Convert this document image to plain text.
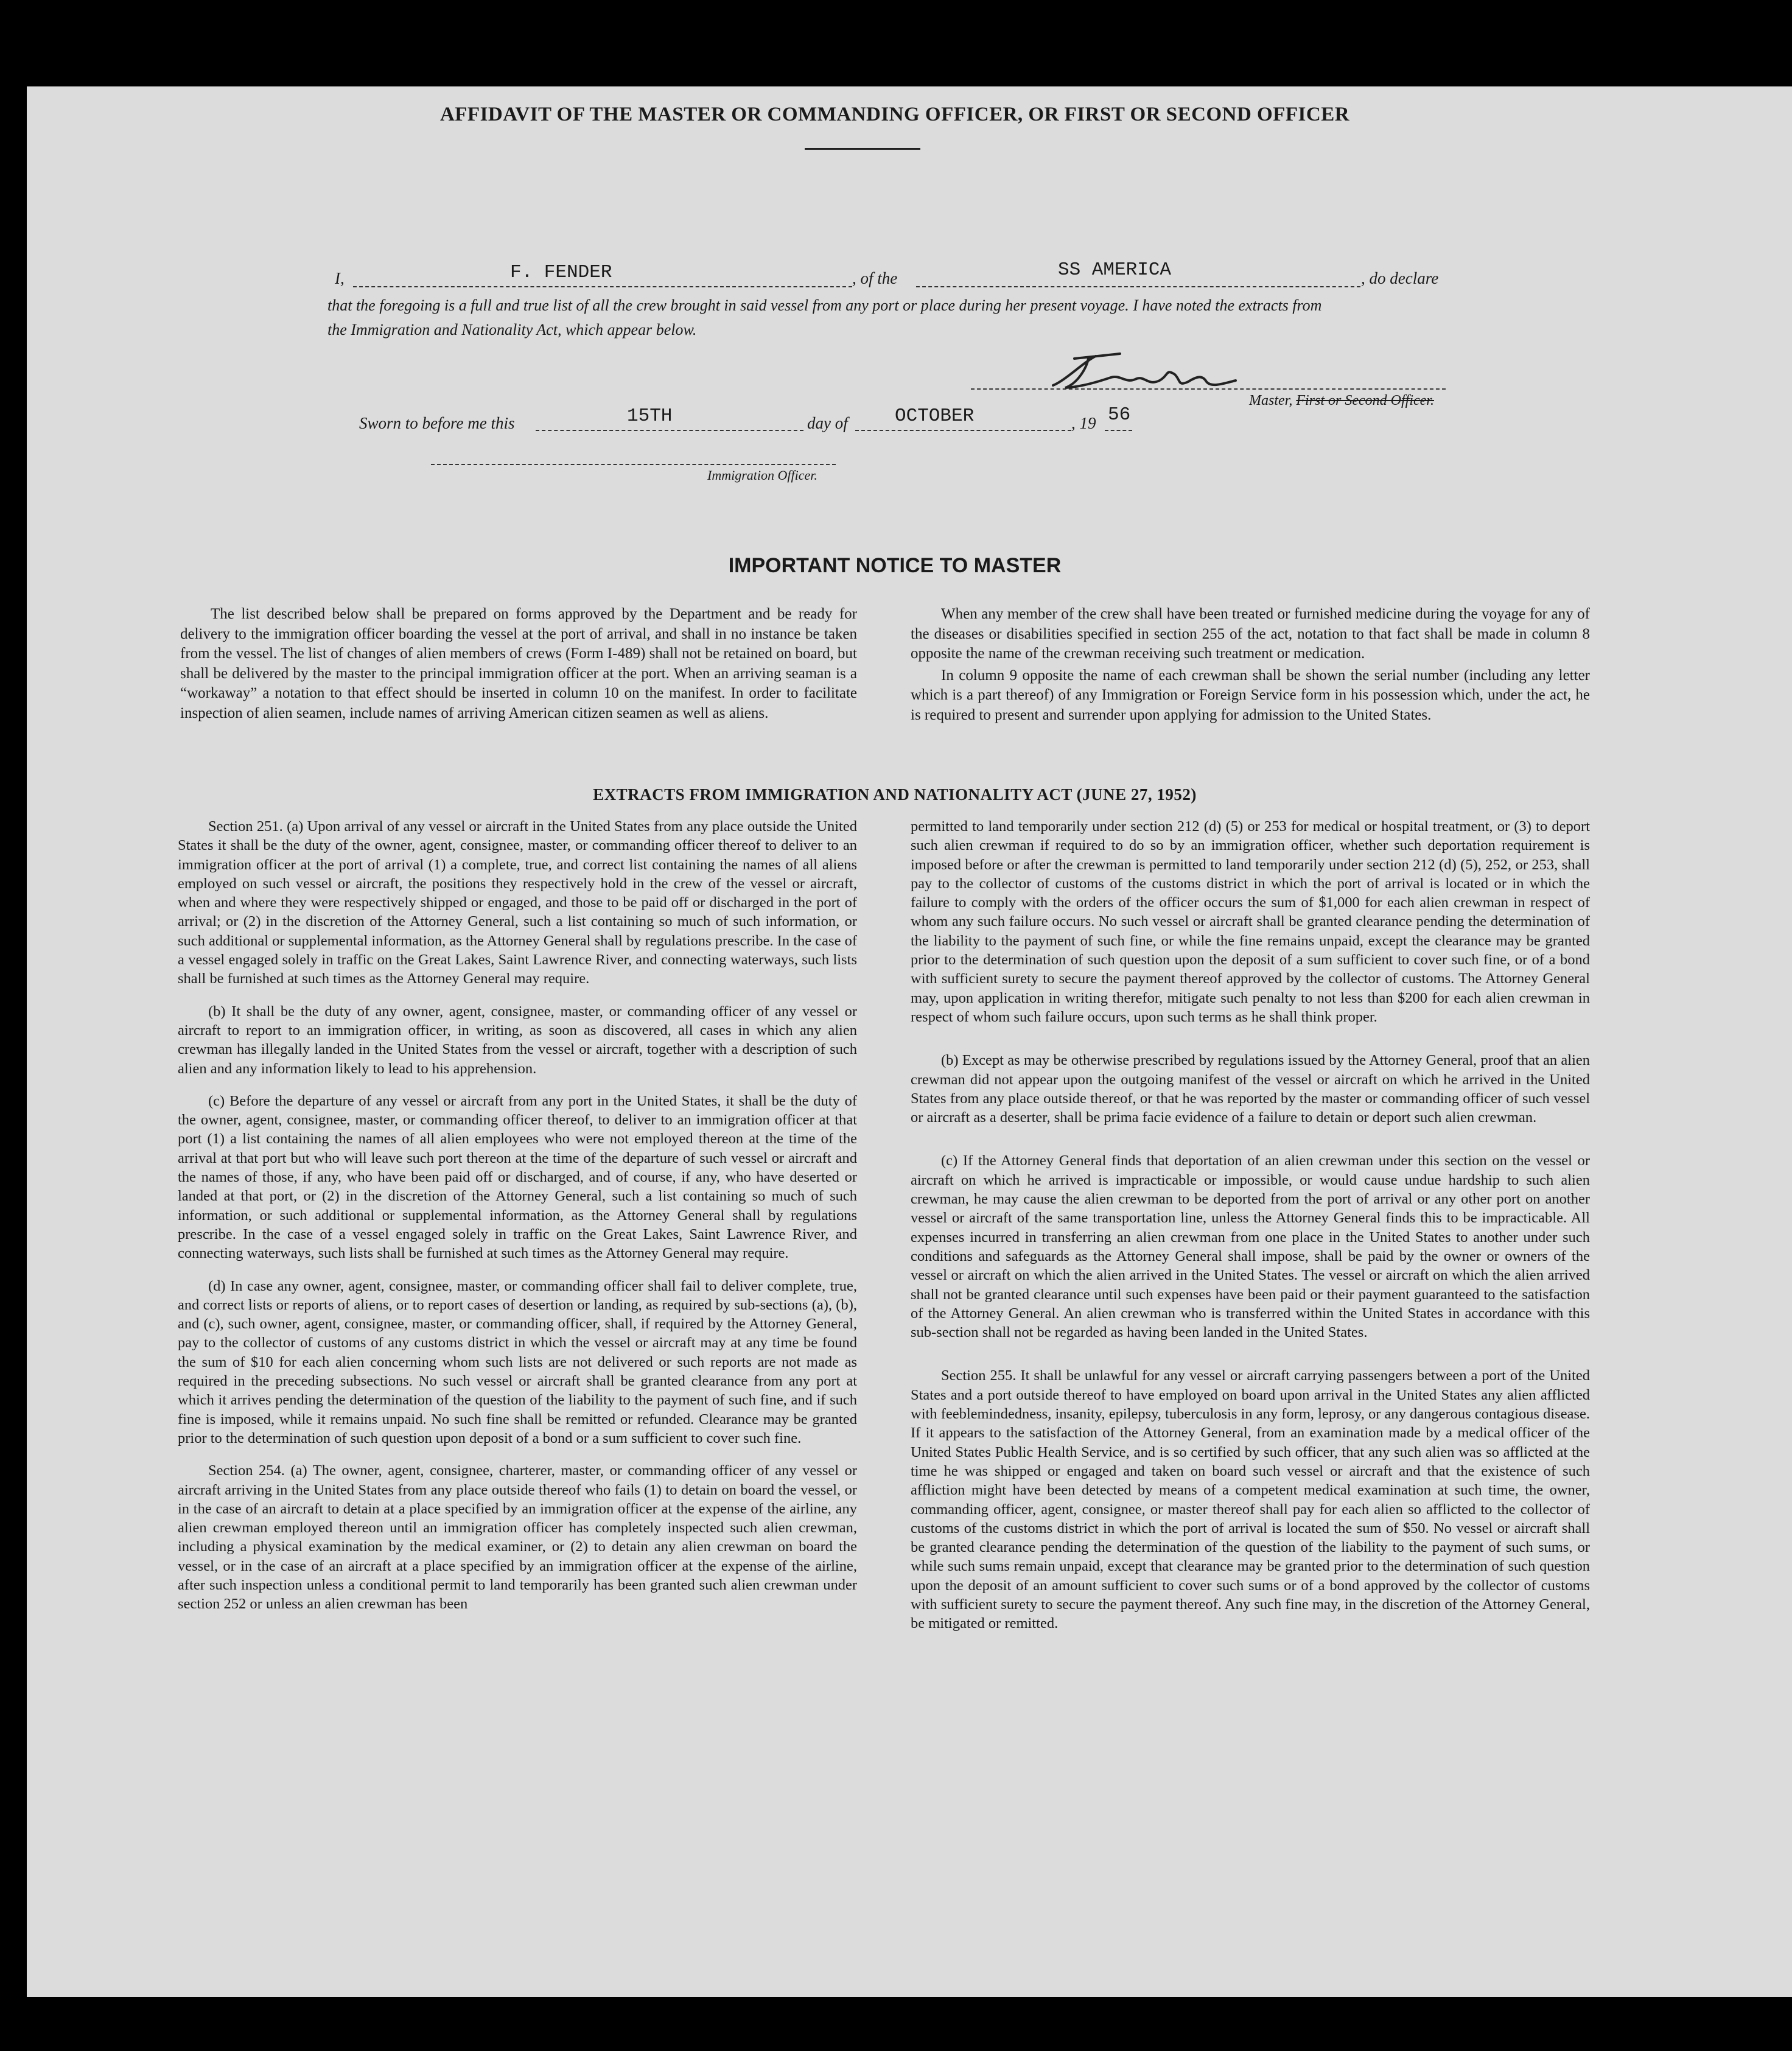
AFFIDAVIT OF THE MASTER OR COMMANDING OFFICER, OR FIRST OR SECOND OFFICER
I,	F. FENDER	, of the	SS AMERICA	, do declare
that the foregoing is a full and true list of all the crew brought in said vessel from any port or place during her present voyage. I have noted the extracts from
the Immigration and Nationality Act, which appear below.
Master, First or Second Officer.
Sworn to before me this	15TH	day of OCTOBER	, 19 56
Immigration Officer.
IMPORTANT NOTICE TO MASTER

The list described below shall be prepared on forms approved by the Department and be ready for delivery to the immigration officer boarding the vessel at the port of arrival, and shall in no instance be taken from the vessel. The list of changes of alien members of crews (Form I-489) shall not be retained on board, but shall be delivered by the master to the principal immigration officer at the port. When an arriving seaman is a “workaway” a notation to that effect should be inserted in column 10 on the manifest. In order to facilitate inspection of alien seamen, include names of arriving American citizen seamen as well as aliens.

When any member of the crew shall have been treated or furnished medicine during the voyage for any of the diseases or disabilities specified in section 255 of the act, notation to that fact shall be made in column 8 opposite the name of the crewman receiving such treatment or medication.

In column 9 opposite the name of each crewman shall be shown the serial number (including any letter which is a part thereof) of any Immigration or Foreign Service form in his possession which, under the act, he is required to present and surrender upon applying for admission to the United States.

EXTRACTS FROM IMMIGRATION AND NATIONALITY ACT (JUNE 27, 1952)

Section 251. (a) Upon arrival of any vessel or aircraft in the United States from any place outside the United States it shall be the duty of the owner, agent, consignee, master, or commanding officer thereof to deliver to an immigration officer at the port of arrival (1) a complete, true, and correct list containing the names of all aliens employed on such vessel or aircraft, the positions they respectively hold in the crew of the vessel or aircraft, when and where they were respectively shipped or engaged, and those to be paid off or discharged in the port of arrival; or (2) in the discretion of the Attorney General, such a list containing so much of such information, or such additional or supplemental information, as the Attorney General shall by regulations prescribe. In the case of a vessel engaged solely in traffic on the Great Lakes, Saint Lawrence River, and connecting waterways, such lists shall be furnished at such times as the Attorney General may require.

(b) It shall be the duty of any owner, agent, consignee, master, or commanding officer of any vessel or aircraft to report to an immigration officer, in writing, as soon as discovered, all cases in which any alien crewman has illegally landed in the United States from the vessel or aircraft, together with a description of such alien and any information likely to lead to his apprehension.

(c) Before the departure of any vessel or aircraft from any port in the United States, it shall be the duty of the owner, agent, consignee, master, or commanding officer thereof, to deliver to an immigration officer at that port (1) a list containing the names of all alien employees who were not employed thereon at the time of the arrival at that port but who will leave such port thereon at the time of the departure of such vessel or aircraft and the names of those, if any, who have been paid off or discharged, and of course, if any, who have deserted or landed at that port, or (2) in the discretion of the Attorney General, such a list containing so much of such information, or such additional or supplemental information, as the Attorney General shall by regulations prescribe. In the case of a vessel engaged solely in traffic on the Great Lakes, Saint Lawrence River, and connecting waterways, such lists shall be furnished at such times as the Attorney General may require.

(d) In case any owner, agent, consignee, master, or commanding officer shall fail to deliver complete, true, and correct lists or reports of aliens, or to report cases of desertion or landing, as required by sub-sections (a), (b), and (c), such owner, agent, consignee, master, or commanding officer, shall, if required by the Attorney General, pay to the collector of customs of any customs district in which the vessel or aircraft may at any time be found the sum of $10 for each alien concerning whom such lists are not delivered or such reports are not made as required in the preceding subsections. No such vessel or aircraft shall be granted clearance from any port at which it arrives pending the determination of the question of the liability to the payment of such fine, and if such fine is imposed, while it remains unpaid. No such fine shall be remitted or refunded. Clearance may be granted prior to the determination of such question upon deposit of a bond or a sum sufficient to cover such fine.

Section 254. (a) The owner, agent, consignee, charterer, master, or commanding officer of any vessel or aircraft arriving in the United States from any place outside thereof who fails (1) to detain on board the vessel, or in the case of an aircraft to detain at a place specified by an immigration officer at the expense of the airline, any alien crewman employed thereon until an immigration officer has completely inspected such alien crewman, including a physical examination by the medical examiner, or (2) to detain any alien crewman on board the vessel, or in the case of an aircraft at a place specified by an immigration officer at the expense of the airline, after such inspection unless a conditional permit to land temporarily has been granted such alien crewman under section 252 or unless an alien crewman has been

permitted to land temporarily under section 212 (d) (5) or 253 for medical or hospital treatment, or (3) to deport such alien crewman if required to do so by an immigration officer, whether such deportation requirement is imposed before or after the crewman is permitted to land temporarily under section 212 (d) (5), 252, or 253, shall pay to the collector of customs of the customs district in which the port of arrival is located or in which the failure to comply with the orders of the officer occurs the sum of $1,000 for each alien crewman in respect of whom any such failure occurs. No such vessel or aircraft shall be granted clearance pending the determination of the liability to the payment of such fine, or while the fine remains unpaid, except the clearance may be granted prior to the determination of such question upon the deposit of a sum sufficient to cover such fine, or of a bond with sufficient surety to secure the payment thereof approved by the collector of customs. The Attorney General may, upon application in writing therefor, mitigate such penalty to not less than $200 for each alien crewman in respect of whom such failure occurs, upon such terms as he shall think proper.

(b) Except as may be otherwise prescribed by regulations issued by the Attorney General, proof that an alien crewman did not appear upon the outgoing manifest of the vessel or aircraft on which he arrived in the United States from any place outside thereof, or that he was reported by the master or commanding officer of such vessel or aircraft as a deserter, shall be prima facie evidence of a failure to detain or deport such alien crewman.

(c) If the Attorney General finds that deportation of an alien crewman under this section on the vessel or aircraft on which he arrived is impracticable or impossible, or would cause undue hardship to such alien crewman, he may cause the alien crewman to be deported from the port of arrival or any other port on another vessel or aircraft of the same transportation line, unless the Attorney General finds this to be impracticable. All expenses incurred in transferring an alien crewman from one place in the United States to another under such conditions and safeguards as the Attorney General shall impose, shall be paid by the owner or owners of the vessel or aircraft on which the alien arrived in the United States. The vessel or aircraft on which the alien arrived shall not be granted clearance until such expenses have been paid or their payment guaranteed to the satisfaction of the Attorney General. An alien crewman who is transferred within the United States in accordance with this sub-section shall not be regarded as having been landed in the United States.

Section 255. It shall be unlawful for any vessel or aircraft carrying passengers between a port of the United States and a port outside thereof to have employed on board upon arrival in the United States any alien afflicted with feeblemindedness, insanity, epilepsy, tuberculosis in any form, leprosy, or any dangerous contagious disease. If it appears to the satisfaction of the Attorney General, from an examination made by a medical officer of the United States Public Health Service, and is so certified by such officer, that any such alien was so afflicted at the time he was shipped or engaged and taken on board such vessel or aircraft and that the existence of such affliction might have been detected by means of a competent medical examination at such time, the owner, commanding officer, agent, consignee, or master thereof shall pay for each alien so afflicted to the collector of customs of the customs district in which the port of arrival is located the sum of $50. No vessel or aircraft shall be granted clearance pending the determination of the question of the liability to the payment of such sums, or while such sums remain unpaid, except that clearance may be granted prior to the determination of such question upon the deposit of an amount sufficient to cover such sums or of a bond approved by the collector of customs with sufficient surety to secure the payment thereof. Any such fine may, in the discretion of the Attorney General, be mitigated or remitted.
